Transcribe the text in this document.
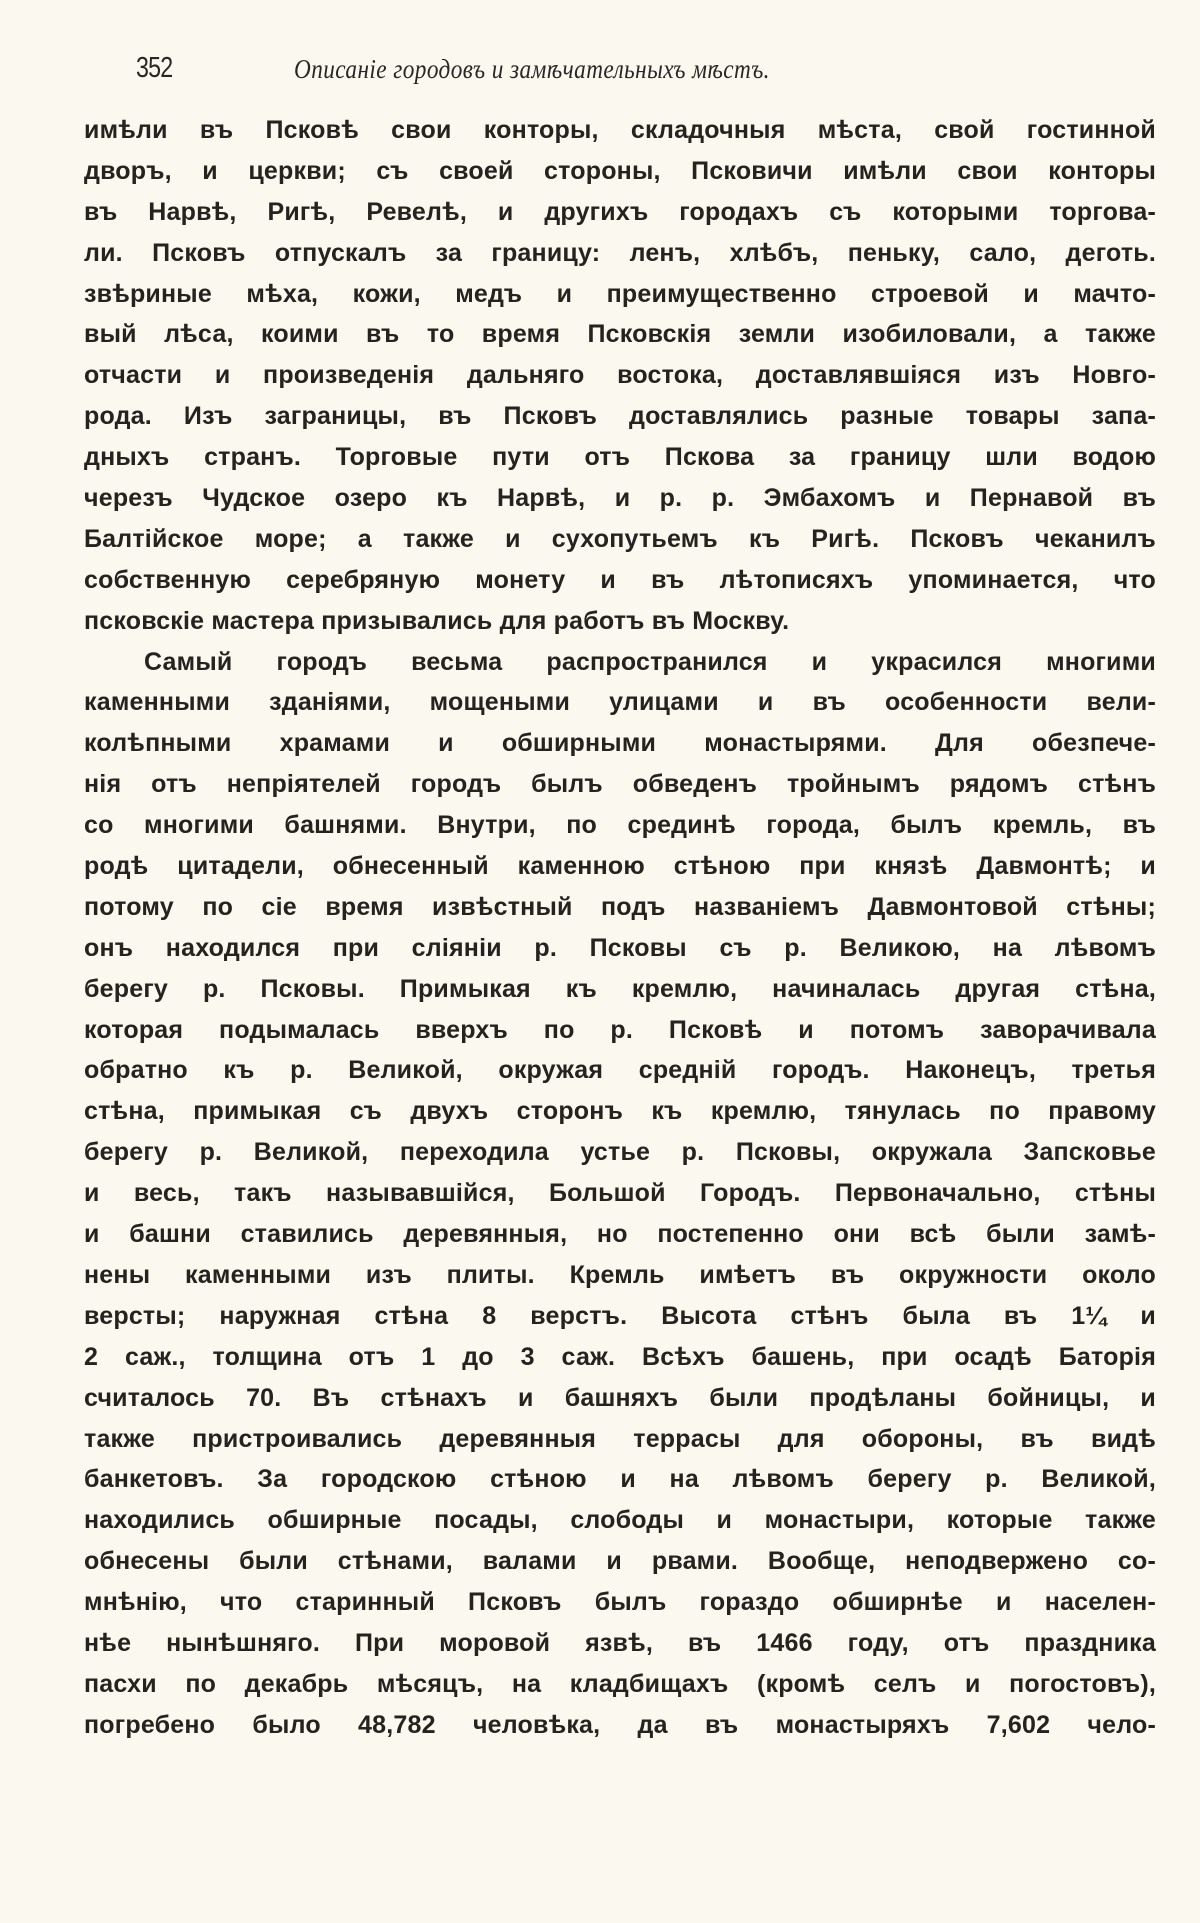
352	Описаніе городовъ и замѣчательныхъ мѣстъ.
имѣли въ Псковѣ свои конторы, складочныя мѣста, свой гостинной
дворъ, и церкви; съ своей стороны, Псковичи имѣли свои конторы
въ Нарвѣ, Ригѣ, Ревелѣ, и другихъ городахъ съ которыми торгова-
ли. Псковъ отпускалъ за границу: ленъ, хлѣбъ, пеньку, сало, деготь.
звѣриные мѣха, кожи, медъ и преимущественно строевой и мачто-
вый лѣса, коими въ то время Псковскія земли изобиловали, а также
отчасти и произведенія дальняго востока, доставлявшіяся изъ Новго-
рода. Изъ заграницы, въ Псковъ доставлялись разные товары запа-
дныхъ странъ. Торговые пути отъ Пскова за границу шли водою
черезъ Чудское озеро къ Нарвѣ, и р. р. Эмбахомъ и Пернавой въ
Балтійское море; а также и сухопутьемъ къ Ригѣ. Псковъ чеканилъ
собственную серебряную монету и въ лѣтописяхъ упоминается, что
псковскіе мастера призывались для работъ въ Москву.
Самый городъ весьма распространился и украсился многими
каменными зданіями, мощеными улицами и въ особенности вели-
колѣпными храмами и обширными монастырями. Для обезпече-
нія отъ непріятелей городъ былъ обведенъ тройнымъ рядомъ стѣнъ
со многими башнями. Внутри, по срединѣ города, былъ кремль, въ
родѣ цитадели, обнесенный каменною стѣною при князѣ Давмонтѣ; и
потому по сіе время извѣстный подъ названіемъ Давмонтовой стѣны;
онъ находился при сліяніи р. Псковы съ р. Великою, на лѣвомъ
берегу р. Псковы. Примыкая къ кремлю, начиналась другая стѣна,
которая подымалась вверхъ по р. Псковѣ и потомъ заворачивала
обратно къ р. Великой, окружая средній городъ. Наконецъ, третья
стѣна, примыкая съ двухъ сторонъ къ кремлю, тянулась по правому
берегу р. Великой, переходила устье р. Псковы, окружала Запсковье
и весь, такъ называвшійся, Большой Городъ. Первоначально, стѣны
и башни ставились деревянныя, но постепенно они всѣ были замѣ-
нены каменными изъ плиты. Кремль имѣетъ въ окружности около
версты; наружная стѣна 8 верстъ. Высота стѣнъ была въ 1¼ и
2 саж., толщина отъ 1 до 3 саж. Всѣхъ башень, при осадѣ Баторія
считалось 70. Въ стѣнахъ и башняхъ были продѣланы бойницы, и
также пристроивались деревянныя террасы для обороны, въ видѣ
банкетовъ. За городскою стѣною и на лѣвомъ берегу р. Великой,
находились обширные посады, слободы и монастыри, которые также
обнесены были стѣнами, валами и рвами. Вообще, неподвержено со-
мнѣнію, что старинный Псковъ былъ гораздо обширнѣе и населен-
нѣе нынѣшняго. При моровой язвѣ, въ 1466 году, отъ праздника
пасхи по декабрь мѣсяцъ, на кладбищахъ (кромѣ селъ и погостовъ),
погребено было 48,782 человѣка, да въ монастыряхъ 7,602 чело-
